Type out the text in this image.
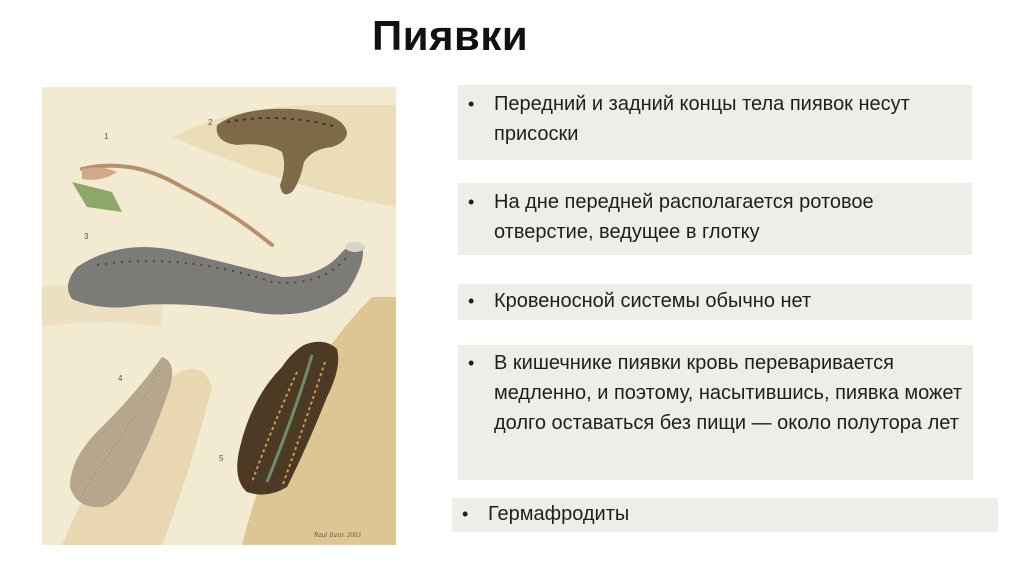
Пиявки
1
2
3
4
5
Raul Ilustr. 2003
• Передний и задний концы тела пиявок несут присоски
• На дне передней располагается ротовое отверстие, ведущее в глотку
• Кровеносной системы обычно нет
• В кишечнике пиявки кровь переваривается медленно, и поэтому, насытившись, пиявка может долго оставаться без пищи — около полутора лет
• Гермафродиты
